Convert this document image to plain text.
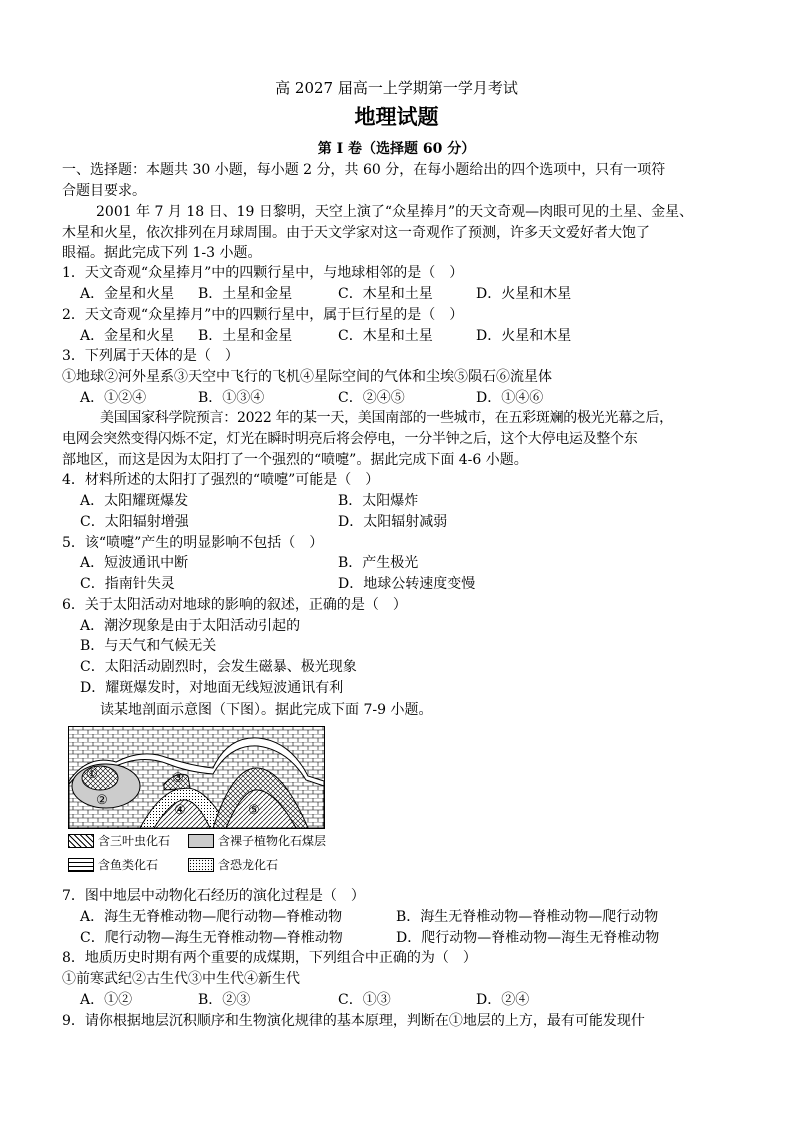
高 2027 届高一上学期第一学月考试
地理试题
第 I 卷（选择题 60 分）
一、选择题：本题共 30 小题，每小题 2 分，共 60 分，在每小题给出的四个选项中，只有一项符
合题目要求。
2001 年 7 月 18 日、19 日黎明，天空上演了“众星捧月”的天文奇观—肉眼可见的土星、金星、
木星和火星，依次排列在月球周围。由于天文学家对这一奇观作了预测，许多天文爱好者大饱了
眼福。据此完成下列 1-3 小题。
1．天文奇观“众星捧月”中的四颗行星中，与地球相邻的是（　）
A．金星和火星 B．土星和金星	C．木星和土星	D．火星和木星
2．天文奇观“众星捧月”中的四颗行星中，属于巨行星的是（　）
A．金星和火星 B．土星和金星	C．木星和土星	D．火星和木星
3．下列属于天体的是（　）
①地球②河外星系③天空中飞行的飞机④星际空间的气体和尘埃⑤陨石⑥流星体
A．①②④	B．①③④	C．②④⑤	D．①④⑥
美国国家科学院预言：2022 年的某一天，美国南部的一些城市，在五彩斑斓的极光光幕之后，
电网会突然变得闪烁不定，灯光在瞬时明亮后将会停电，一分半钟之后，这个大停电运及整个东
部地区，而这是因为太阳打了一个强烈的“喷嚏”。据此完成下面 4-6 小题。
4．材料所述的太阳打了强烈的“喷嚏”可能是（　）
A．太阳耀斑爆发	B．太阳爆炸
C．太阳辐射增强	D．太阳辐射减弱
5．该“喷嚏”产生的明显影响不包括（　）
A．短波通讯中断	B．产生极光
C．指南针失灵	D．地球公转速度变慢
6．关于太阳活动对地球的影响的叙述，正确的是（　）
A．潮汐现象是由于太阳活动引起的
B．与天气和气候无关
C．太阳活动剧烈时，会发生磁暴、极光现象
D．耀斑爆发时，对地面无线短波通讯有利
读某地剖面示意图（下图）。据此完成下面 7-9 小题。
①
②
③
④	⑤
含三叶虫化石	含裸子植物化石煤层
含鱼类化石	含恐龙化石
7．图中地层中动物化石经历的演化过程是（　）
A．海生无脊椎动物—爬行动物—脊椎动物	B．海生无脊椎动物—脊椎动物—爬行动物
C．爬行动物—海生无脊椎动物—脊椎动物	D．爬行动物—脊椎动物—海生无脊椎动物
8．地质历史时期有两个重要的成煤期，下列组合中正确的为（　）
①前寒武纪②古生代③中生代④新生代
A．①②	B．②③	C．①③	D．②④
9．请你根据地层沉积顺序和生物演化规律的基本原理，判断在①地层的上方，最有可能发现什
